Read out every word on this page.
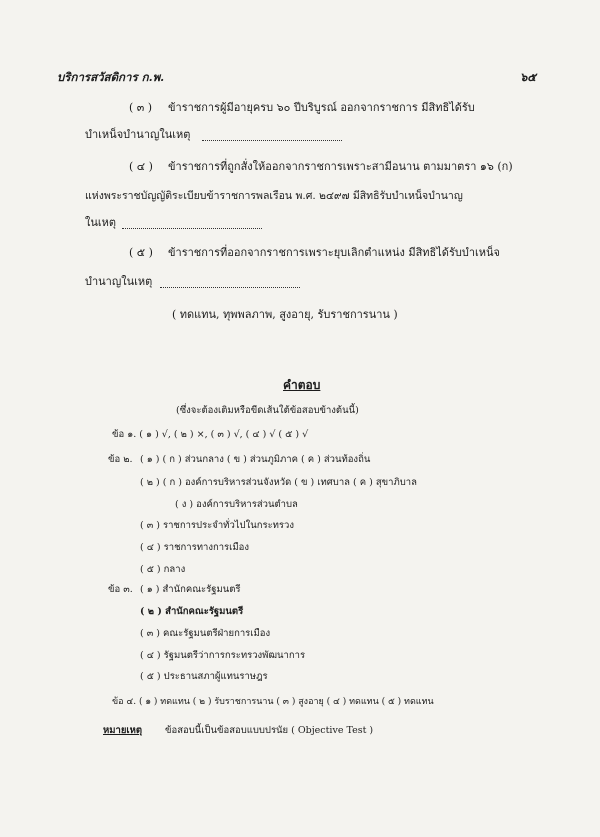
บริการสวัสดิการ ก.พ.	๖๕
( ๓ ) ข้าราชการผู้มีอายุครบ ๖๐ ปีบริบูรณ์ ออกจากราชการ มีสิทธิได้รับ
บำเหน็จบำนาญในเหตุ
( ๔ ) ข้าราชการที่ถูกสั่งให้ออกจากราชการเพราะสามีอนาน ตามมาตรา ๑๖ (ก)
แห่งพระราชบัญญัติระเบียบข้าราชการพลเรือน พ.ศ. ๒๔๙๗ มีสิทธิรับบำเหน็จบำนาญ
ในเหตุ
( ๕ ) ข้าราชการที่ออกจากราชการเพราะยุบเลิกตำแหน่ง มีสิทธิได้รับบำเหน็จ
บำนาญในเหตุ
( ทดแทน, ทุพพลภาพ, สูงอายุ, รับราชการนาน )
คำตอบ
(ซึ่งจะต้องเติมหรือขีดเส้นใต้ข้อสอบข้างต้นนี้)
ข้อ ๑. ( ๑ ) √, ( ๒ ) ×, ( ๓ ) √, ( ๔ ) √ ( ๕ ) √
ข้อ ๒. ( ๑ ) ( ก ) ส่วนกลาง ( ข ) ส่วนภูมิภาค ( ค ) ส่วนท้องถิ่น
( ๒ ) ( ก ) องค์การบริหารส่วนจังหวัด ( ข ) เทศบาล ( ค ) สุขาภิบาล
( ง ) องค์การบริหารส่วนตำบล
( ๓ ) ราชการประจำทั่วไปในกระทรวง
( ๔ ) ราชการทางการเมือง
( ๕ ) กลาง
ข้อ ๓. ( ๑ ) สำนักคณะรัฐมนตรี
( ๒ ) สำนักคณะรัฐมนตรี
( ๓ ) คณะรัฐมนตรีฝ่ายการเมือง
( ๔ ) รัฐมนตรีว่าการกระทรวงพัฒนาการ
( ๕ ) ประธานสภาผู้แทนราษฎร
ข้อ ๔. ( ๑ ) ทดแทน ( ๒ ) รับราชการนาน ( ๓ ) สูงอายุ ( ๔ ) ทดแทน ( ๕ ) ทดแทน
หมายเหตุ ข้อสอบนี้เป็นข้อสอบแบบปรนัย ( Objective Test )
